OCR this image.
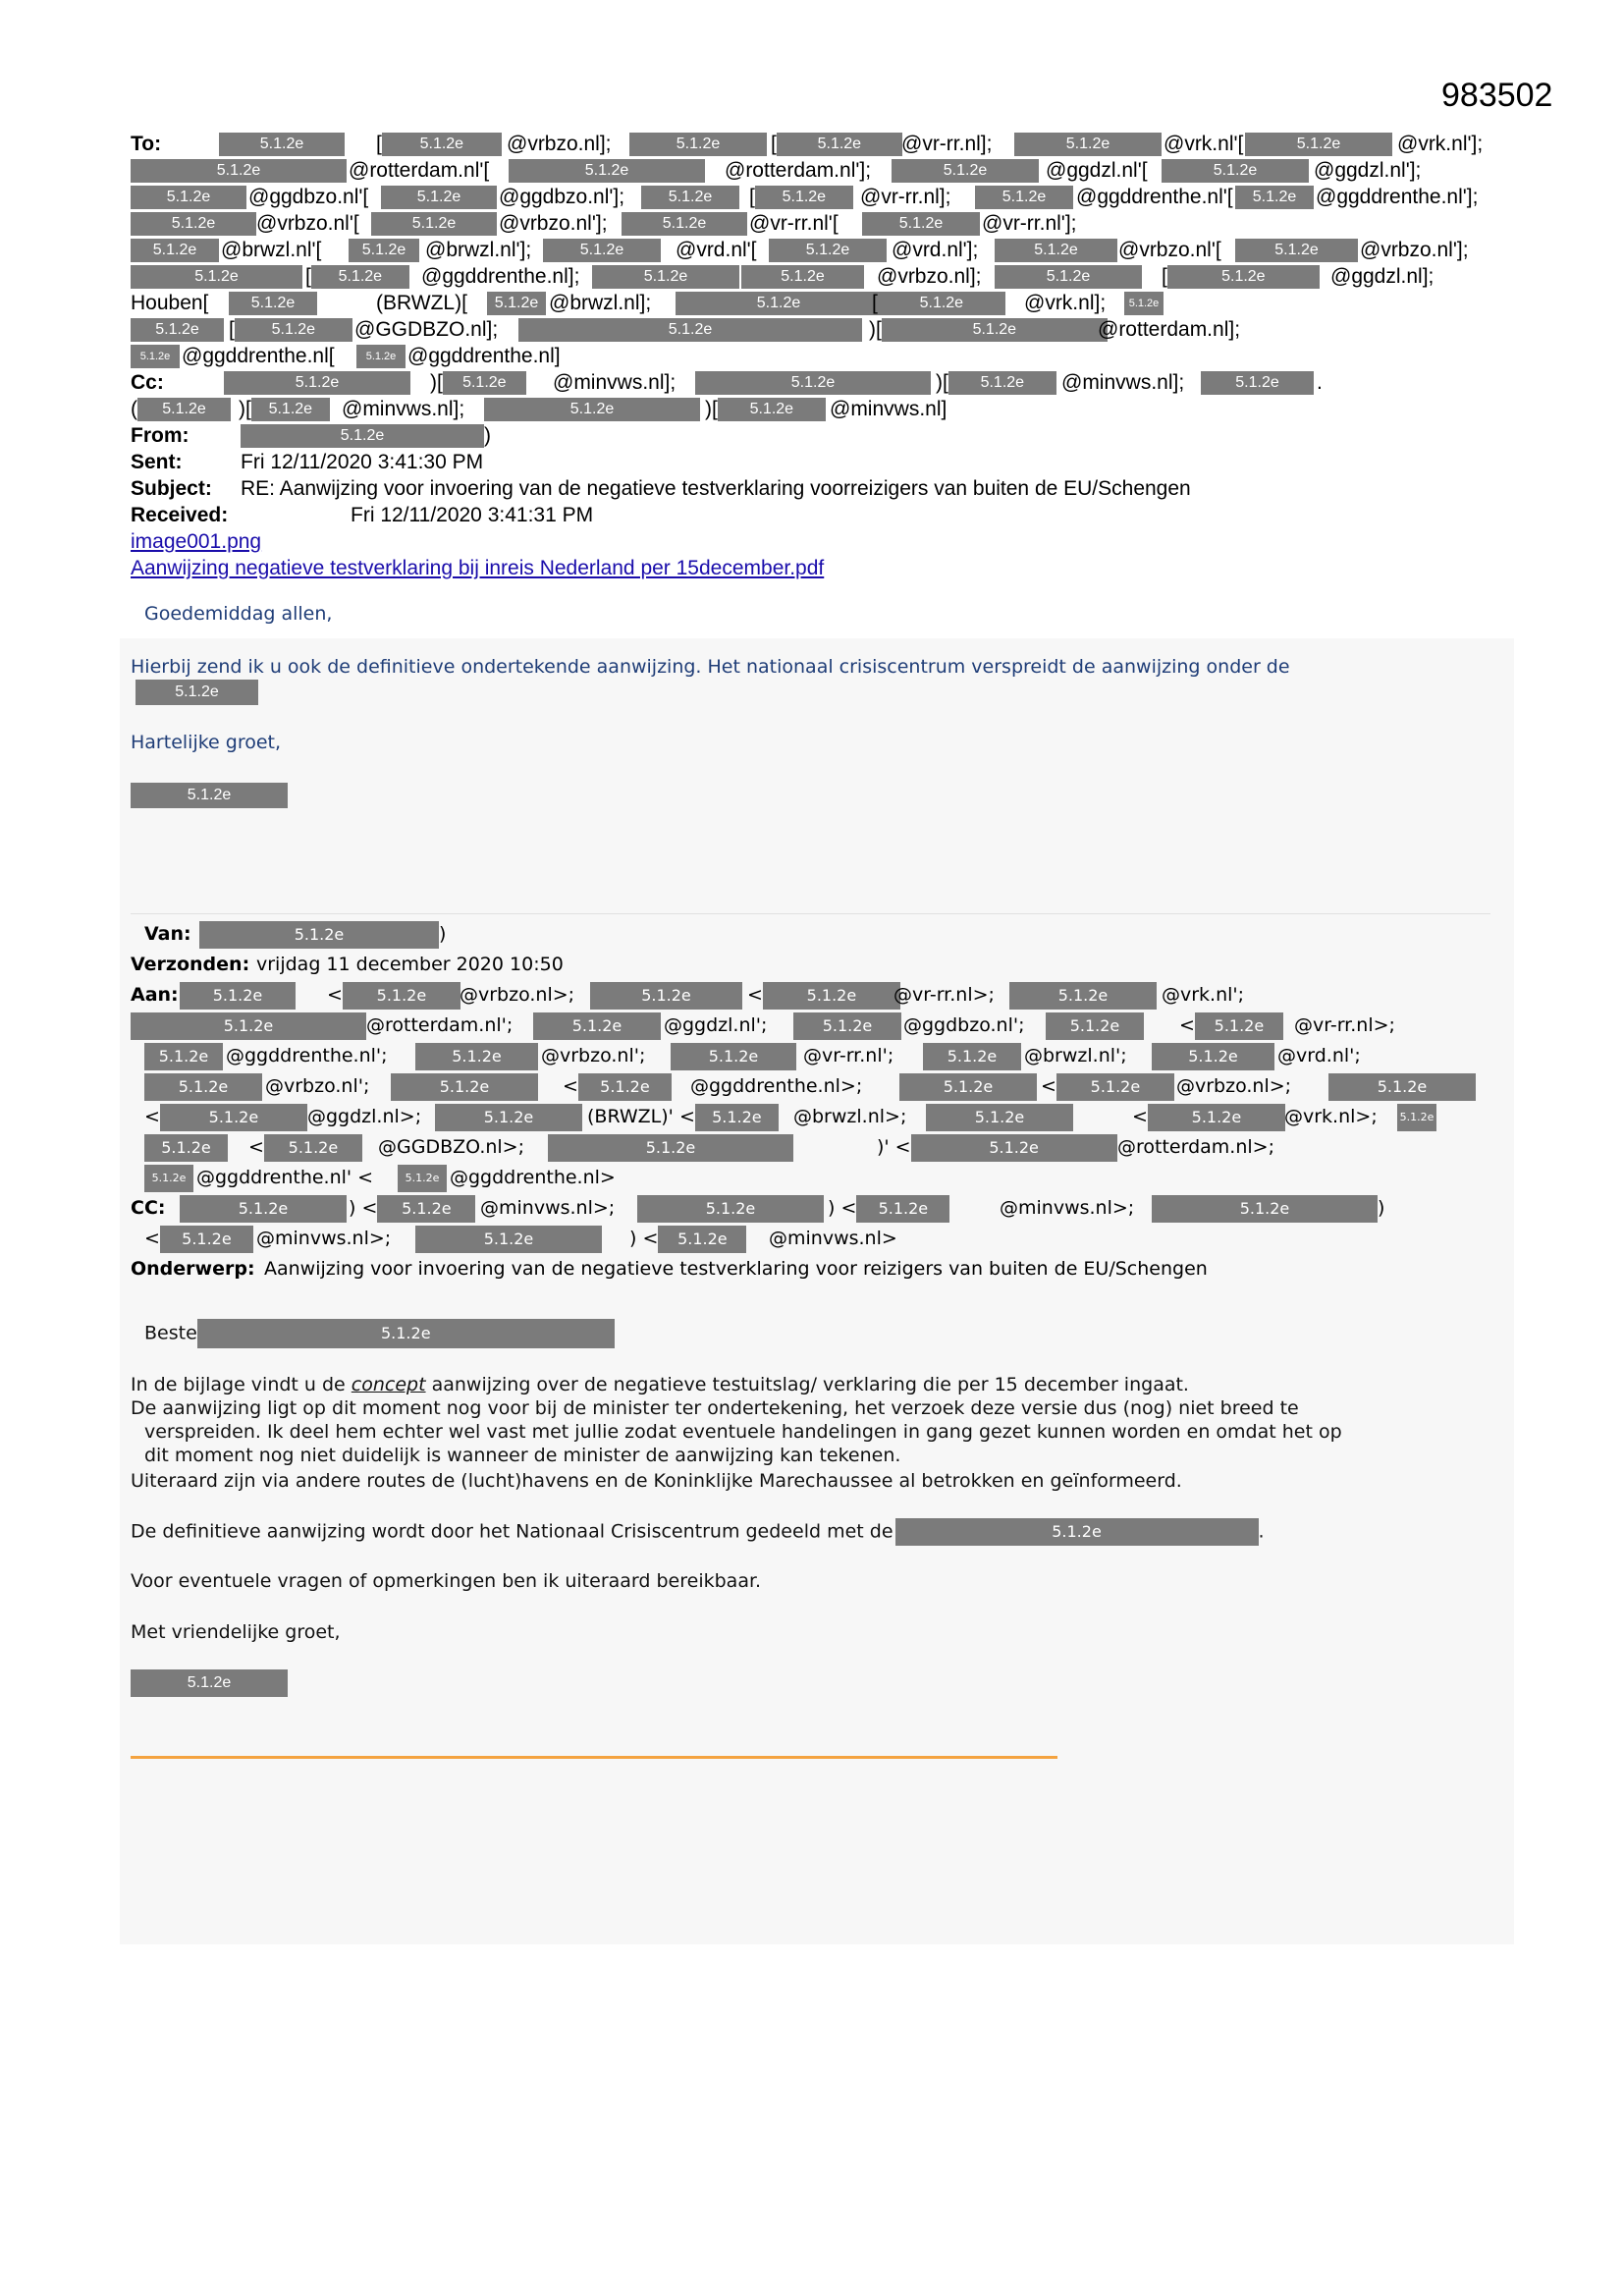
983502
To:	5.1.2e	[ 5.1.2e	@vrbzo.nl];	5.1.2e	[	5.1.2e	@vr-rr.nl];	5.1.2e	@vrk.nl'[	5.1.2e	@vrk.nl'];
5.1.2e	@rotterdam.nl'[	5.1.2e	@rotterdam.nl'];	5.1.2e	@ggdzl.nl'[	5.1.2e	@ggdzl.nl'];
5.1.2e	@ggdbzo.nl'[	5.1.2e	@ggdbzo.nl'];	5.1.2e	[ 5.1.2e	@vr-rr.nl];	5.1.2e	@ggddrenthe.nl'[	5.1.2e @ggddrenthe.nl'];
5.1.2e	@vrbzo.nl'[	5.1.2e	@vrbzo.nl'];	5.1.2e	@vr-rr.nl'[	5.1.2e	@vr-rr.nl'];
5.1.2e	@brwzl.nl'[	5.1.2e @brwzl.nl'];	5.1.2e	@vrd.nl'[	5.1.2e	@vrd.nl'];	5.1.2e	@vrbzo.nl'[	5.1.2e	@vrbzo.nl'];
5.1.2e	[ 5.1.2e	@ggddrenthe.nl];	5.1.2e	5.1.2e	@vrbzo.nl];	5.1.2e	[	5.1.2e	@ggdzl.nl];
Houben[	5.1.2e	(BRWZL)[	5.1.2e @brwzl.nl];	5.1.2e	[	5.1.2e	@vrk.nl];	5.1.2e
5.1.2e	[ 5.1.2e	@GGDBZO.nl];	5.1.2e	)[	5.1.2e	@rotterdam.nl];
5.1.2e @ggddrenthe.nl[	5.1.2e @ggddrenthe.nl]
Cc:	5.1.2e	)[ 5.1.2e	@minvws.nl];	5.1.2e	)[ 5.1.2e	@minvws.nl];	5.1.2e	.
( 5.1.2e	)[ 5.1.2e	@minvws.nl];	5.1.2e	)[ 5.1.2e	@minvws.nl]
From:	5.1.2e	)
Sent:	Fri 12/11/2020 3:41:30 PM
Subject: RE: Aanwijzing voor invoering van de negatieve testverklaring voorreizigers van buiten de EU/Schengen
Received:	Fri 12/11/2020 3:41:31 PM
image001.png
Aanwijzing negatieve testverklaring bij inreis Nederland per 15december.pdf
Goedemiddag allen,
Hierbij zend ik u ook de definitieve ondertekende aanwijzing. Het nationaal crisiscentrum verspreidt de aanwijzing onder de
5.1.2e
Hartelijke groet,
5.1.2e
Van:	5.1.2e	)
Verzonden: vrijdag 11 december 2020 10:50
Aan:	5.1.2e	< 5.1.2e	@vrbzo.nl>;	5.1.2e	<	5.1.2e	@vr-rr.nl>;	5.1.2e	@vrk.nl';
5.1.2e	@rotterdam.nl';	5.1.2e	@ggdzl.nl';	5.1.2e	@ggdbzo.nl';	5.1.2e	< 5.1.2e	@vr-rr.nl>;
5.1.2e @ggddrenthe.nl';	5.1.2e	@vrbzo.nl';	5.1.2e	@vr-rr.nl';	5.1.2e	@brwzl.nl';	5.1.2e	@vrd.nl';
5.1.2e	@vrbzo.nl';	5.1.2e	< 5.1.2e	@ggddrenthe.nl>;	5.1.2e	< 5.1.2e	@vrbzo.nl>;	5.1.2e
<	5.1.2e	@ggdzl.nl>;	5.1.2e	(BRWZL)' < 5.1.2e	@brwzl.nl>;	5.1.2e	<	5.1.2e	@vrk.nl>; 5.1.2e
5.1.2e	< 5.1.2e	@GGDBZO.nl>;	5.1.2e	)' <	5.1.2e	@rotterdam.nl>;
5.1.2e @ggddrenthe.nl' <	5.1.2e @ggddrenthe.nl>
CC:	5.1.2e	) < 5.1.2e	@minvws.nl>;	5.1.2e	) < 5.1.2e	@minvws.nl>;	5.1.2e	)
< 5.1.2e	@minvws.nl>;	5.1.2e	) < 5.1.2e	@minvws.nl>
Onderwerp: Aanwijzing voor invoering van de negatieve testverklaring voor reizigers van buiten de EU/Schengen
Beste	5.1.2e
In de bijlage vindt u de concept aanwijzing over de negatieve testuitslag/ verklaring die per 15 december ingaat.
De aanwijzing ligt op dit moment nog voor bij de minister ter ondertekening, het verzoek deze versie dus (nog) niet breed te
verspreiden. Ik deel hem echter wel vast met jullie zodat eventuele handelingen in gang gezet kunnen worden en omdat het op
dit moment nog niet duidelijk is wanneer de minister de aanwijzing kan tekenen.
Uiteraard zijn via andere routes de (lucht)havens en de Koninklijke Marechaussee al betrokken en geïnformeerd.
De definitieve aanwijzing wordt door het Nationaal Crisiscentrum gedeeld met de	5.1.2e	.
Voor eventuele vragen of opmerkingen ben ik uiteraard bereikbaar.
Met vriendelijke groet,
5.1.2e
